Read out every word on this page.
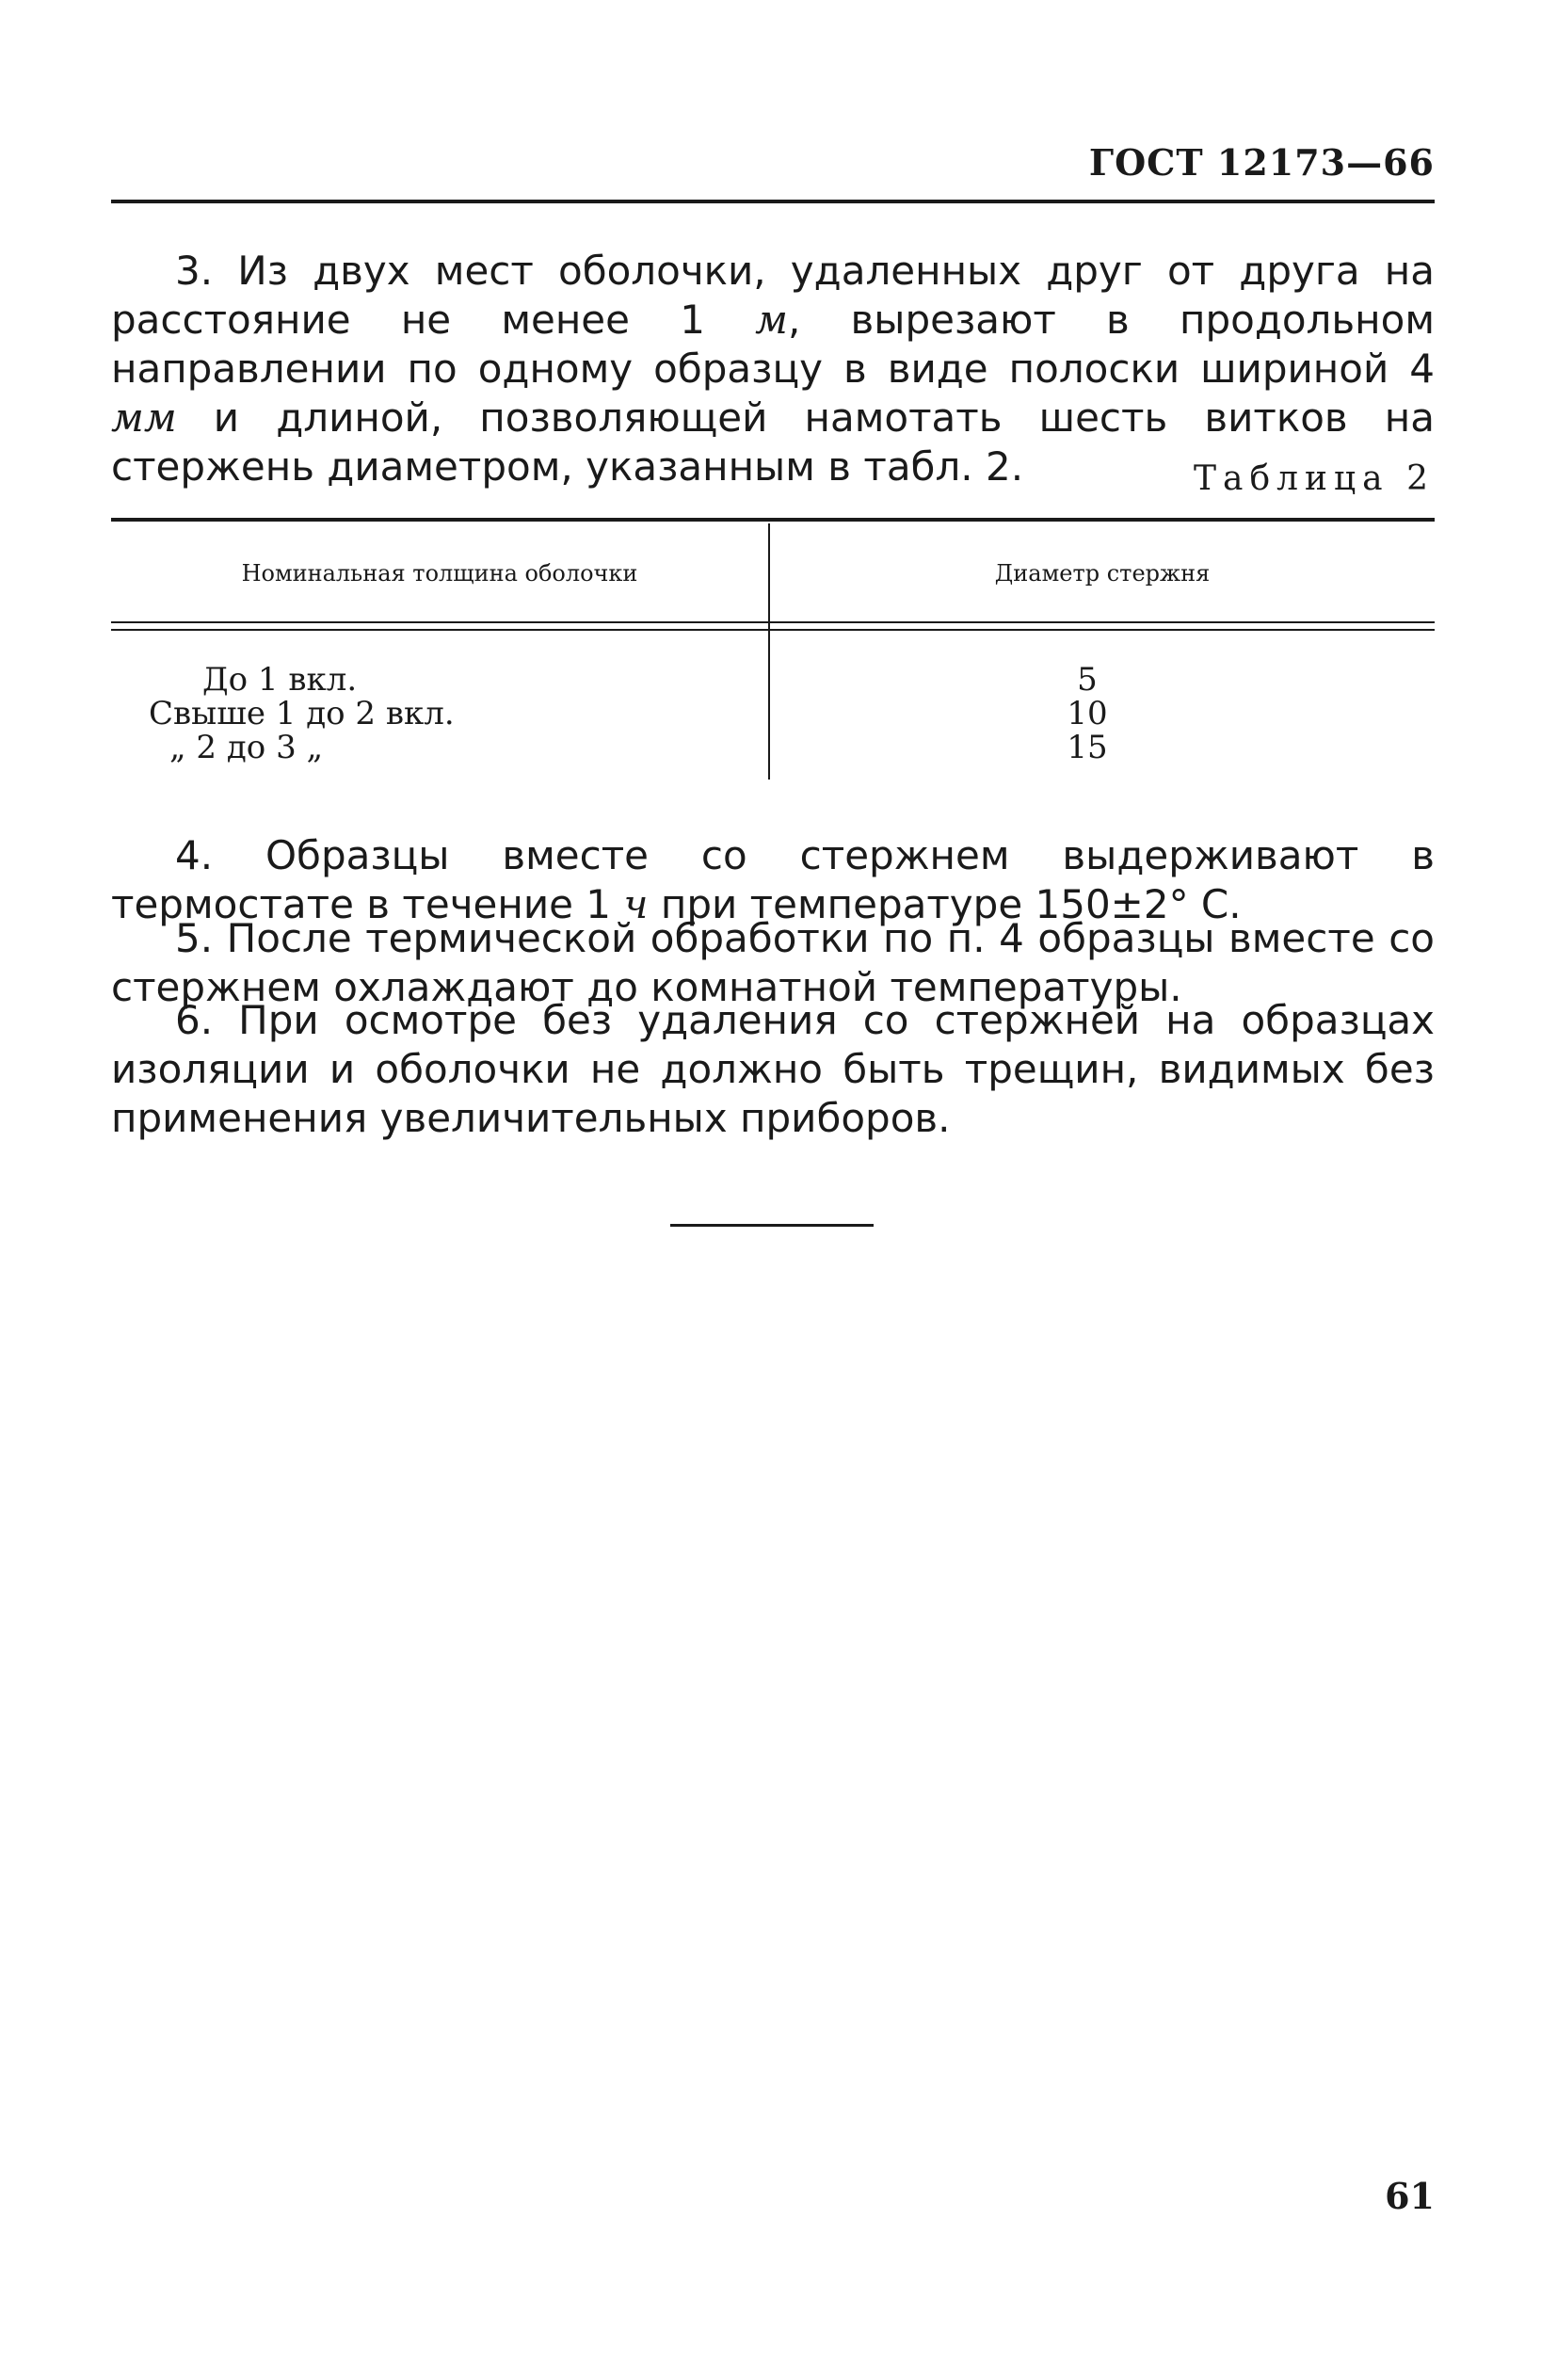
ГОСТ 12173—66

3. Из двух мест оболочки, удаленных друг от друга на расстояние не менее 1 м, вырезают в продольном направлении по одному образцу в виде полоски шириной 4 мм и длиной, позволяющей намотать шесть витков на стержень диаметром, указанным в табл. 2.	Таблица 2
Номинальная толщина оболочки	Диаметр стержня
До 1 вкл.	5
Свыше 1 до 2 вкл.	10
„ 2 до 3 „	15

4. Образцы вместе со стержнем выдерживают в термостате в течение 1 ч при температуре 150±2° С.

5. После термической обработки по п. 4 образцы вместе со стержнем охлаждают до комнатной температуры.

6. При осмотре без удаления со стержней на образцах изоляции и оболочки не должно быть трещин, видимых без применения увеличительных приборов.

61
